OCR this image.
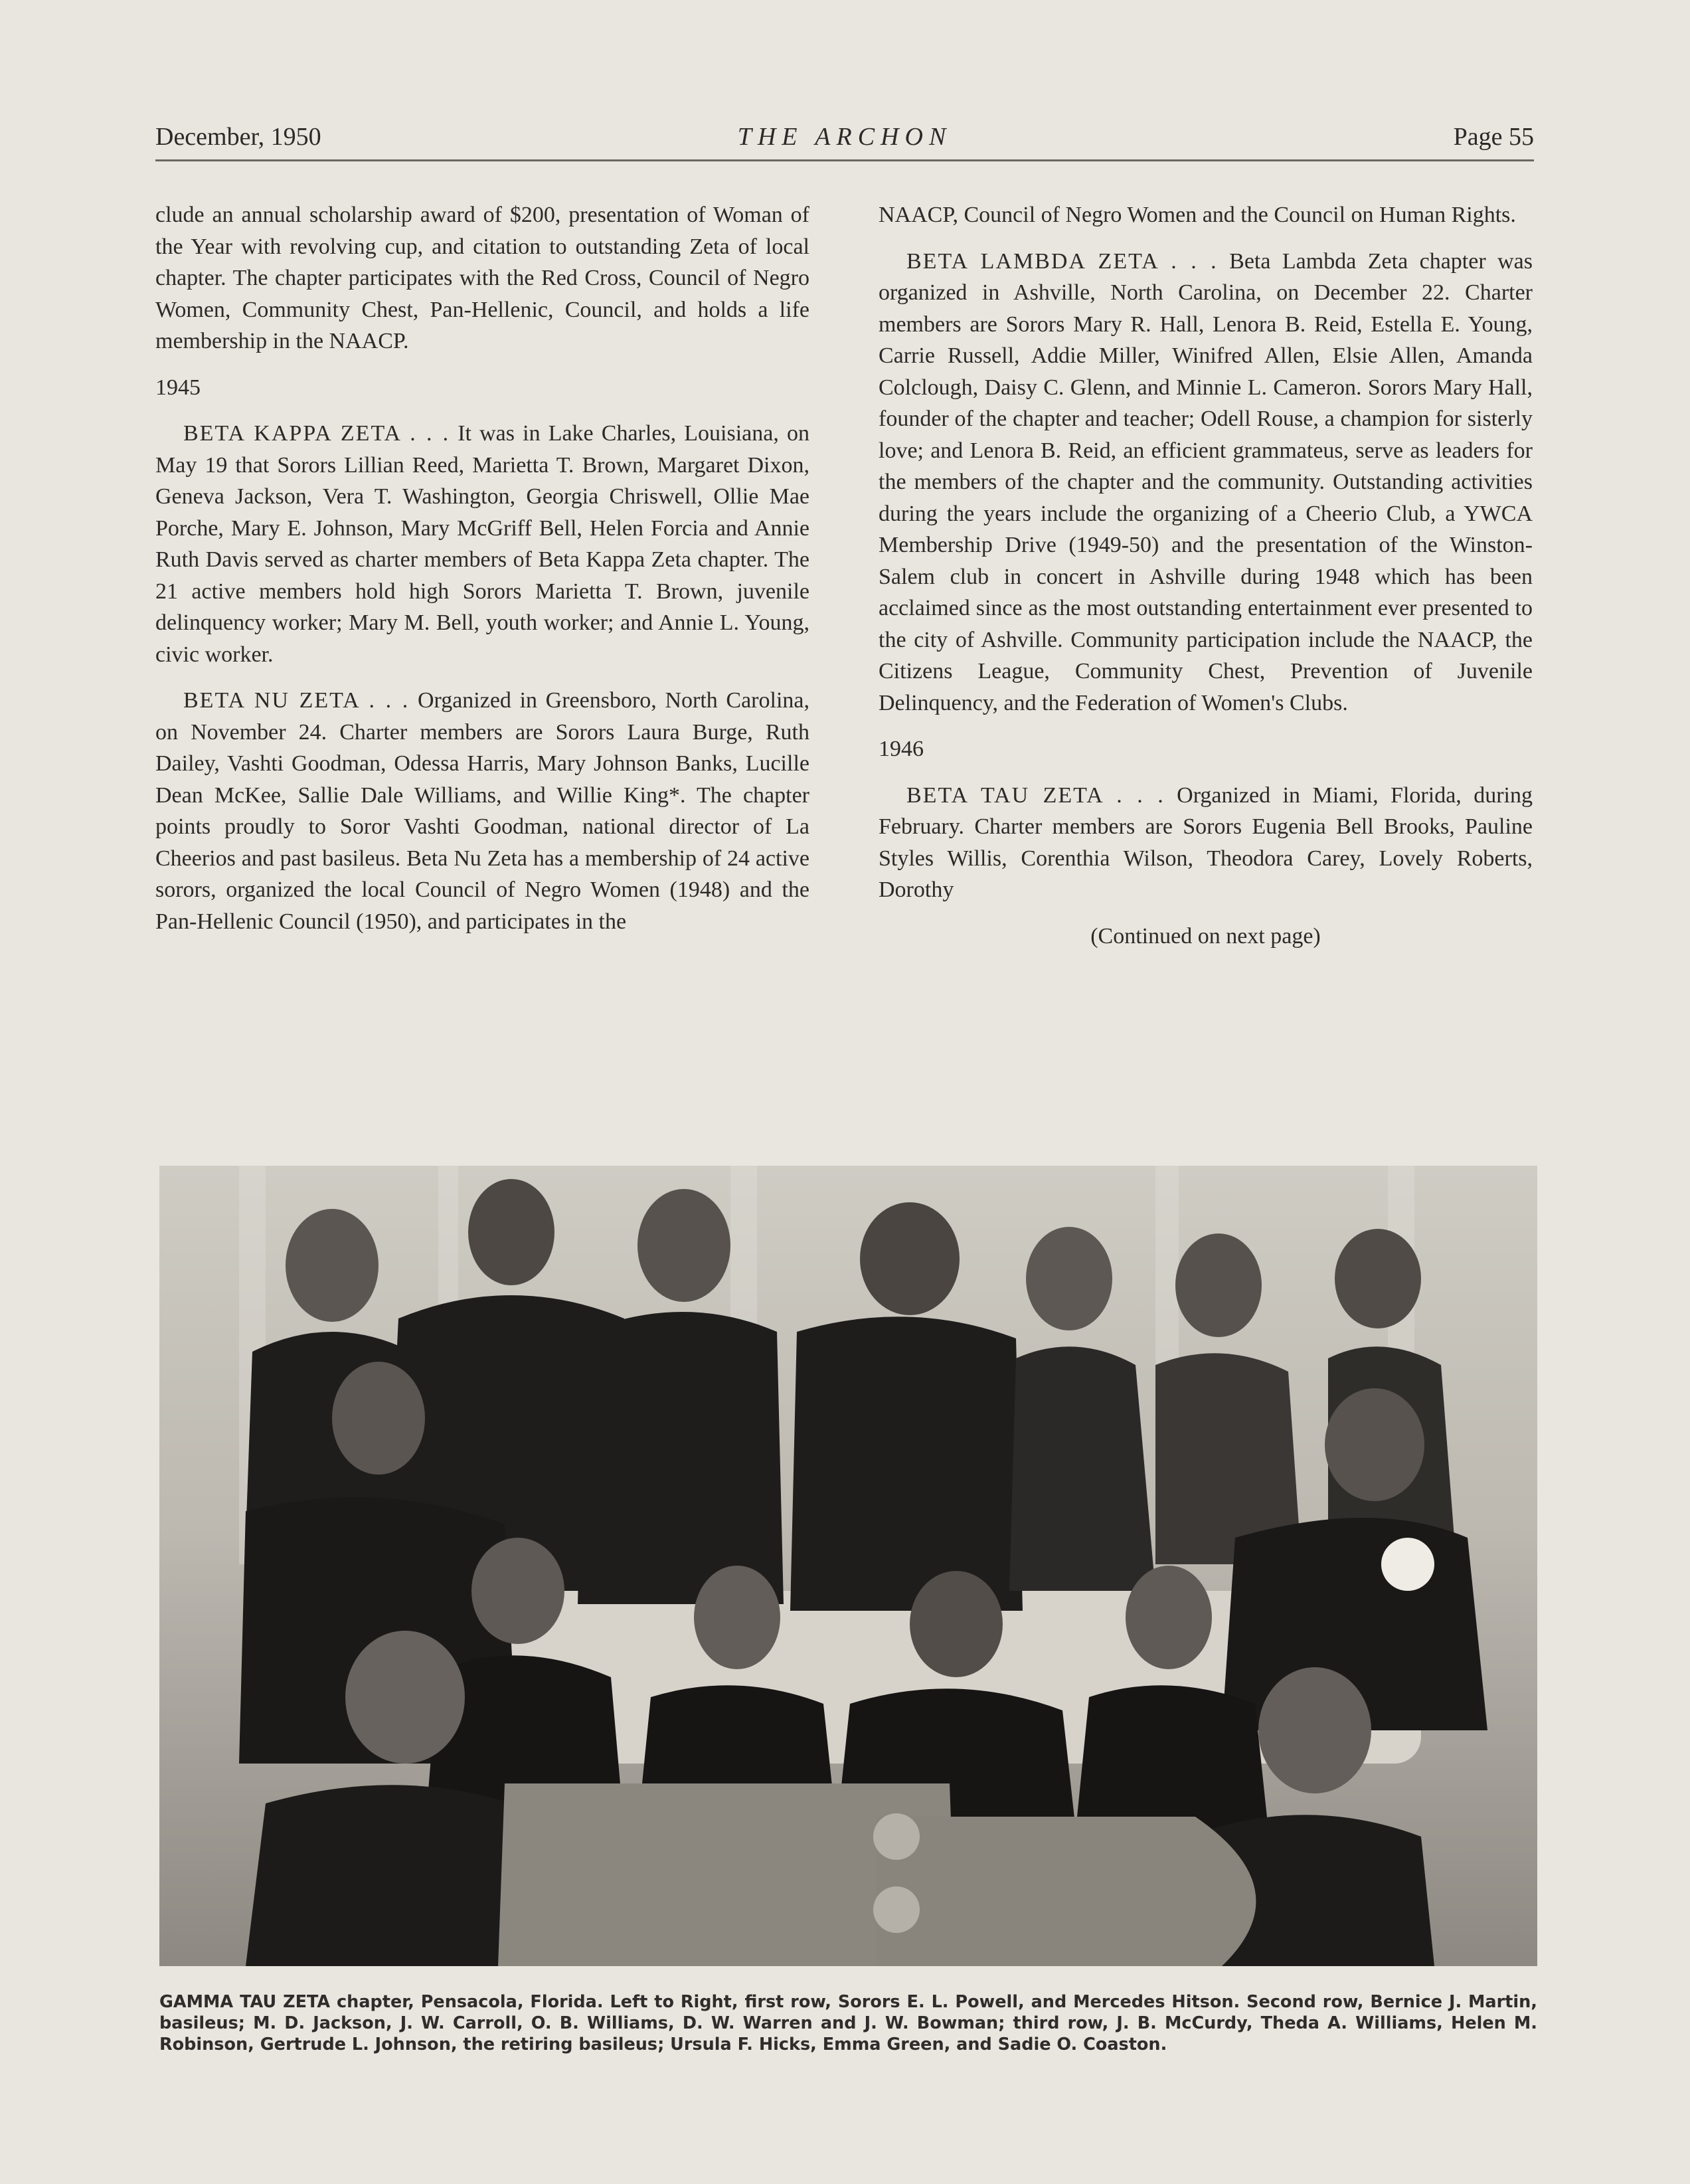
December, 1950	THE ARCHON	Page 55

clude an annual scholarship award of $200, presentation of Woman of the Year with revolving cup, and citation to outstanding Zeta of local chapter. The chapter participates with the Red Cross, Council of Negro Women, Community Chest, Pan-Hellenic, Council, and holds a life membership in the NAACP.

1945

BETA KAPPA ZETA . . . It was in Lake Charles, Louisiana, on May 19 that Sorors Lillian Reed, Marietta T. Brown, Margaret Dixon, Geneva Jackson, Vera T. Washington, Georgia Chriswell, Ollie Mae Porche, Mary E. Johnson, Mary McGriff Bell, Helen Forcia and Annie Ruth Davis served as charter members of Beta Kappa Zeta chapter. The 21 active members hold high Sorors Marietta T. Brown, juvenile delinquency worker; Mary M. Bell, youth worker; and Annie L. Young, civic worker.

BETA NU ZETA . . . Organized in Greensboro, North Carolina, on November 24. Charter members are Sorors Laura Burge, Ruth Dailey, Vashti Goodman, Odessa Harris, Mary Johnson Banks, Lucille Dean McKee, Sallie Dale Williams, and Willie King*. The chapter points proudly to Soror Vashti Goodman, national director of La Cheerios and past basileus. Beta Nu Zeta has a membership of 24 active sorors, organized the local Council of Negro Women (1948) and the Pan-Hellenic Council (1950), and participates in the

NAACP, Council of Negro Women and the Council on Human Rights.

BETA LAMBDA ZETA . . . Beta Lambda Zeta chapter was organized in Ashville, North Carolina, on December 22. Charter members are Sorors Mary R. Hall, Lenora B. Reid, Estella E. Young, Carrie Russell, Addie Miller, Winifred Allen, Elsie Allen, Amanda Colclough, Daisy C. Glenn, and Minnie L. Cameron. Sorors Mary Hall, founder of the chapter and teacher; Odell Rouse, a champion for sisterly love; and Lenora B. Reid, an efficient grammateus, serve as leaders for the members of the chapter and the community. Outstanding activities during the years include the organizing of a Cheerio Club, a YWCA Membership Drive (1949-50) and the presentation of the Winston-Salem club in concert in Ashville during 1948 which has been acclaimed since as the most outstanding entertainment ever presented to the city of Ashville. Community participation include the NAACP, the Citizens League, Community Chest, Prevention of Juvenile Delinquency, and the Federation of Women's Clubs.

1946

BETA TAU ZETA . . . Organized in Miami, Florida, during February. Charter members are Sorors Eugenia Bell Brooks, Pauline Styles Willis, Corenthia Wilson, Theodora Carey, Lovely Roberts, Dorothy

(Continued on next page)
GAMMA TAU ZETA chapter, Pensacola, Florida. Left to Right, first row, Sorors E. L. Powell, and Mercedes Hitson. Second row, Bernice J. Martin, basileus; M. D. Jackson, J. W. Carroll, O. B. Williams, D. W. Warren and J. W. Bowman; third row, J. B. McCurdy, Theda A. Williams, Helen M. Robinson, Gertrude L. Johnson, the retiring basileus; Ursula F. Hicks, Emma Green, and Sadie O. Coaston.
